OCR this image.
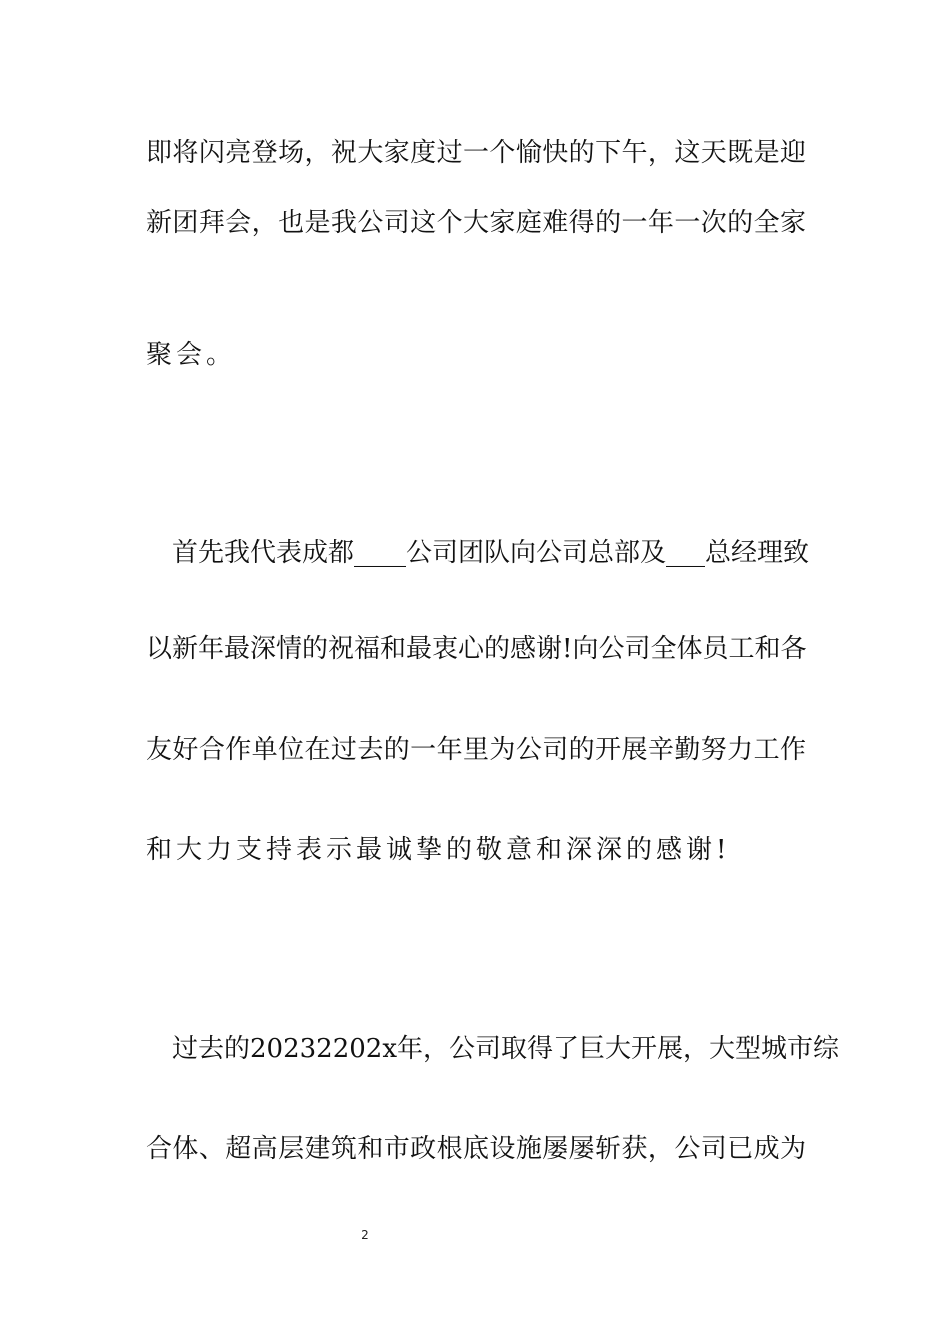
即将闪亮登场，祝大家度过一个愉快的下午，这天既是迎
新团拜会，也是我公司这个大家庭难得的一年一次的全家
聚会。
　首先我代表成都____公司团队向公司总部及___总经理致
以新年最深情的祝福和最衷心的感谢!向公司全体员工和各
友好合作单位在过去的一年里为公司的开展辛勤努力工作
和大力支持表示最诚挚的敬意和深深的感谢!
　过去的20232202x年，公司取得了巨大开展，大型城市综
合体、超高层建筑和市政根底设施屡屡斩获，公司已成为
2
